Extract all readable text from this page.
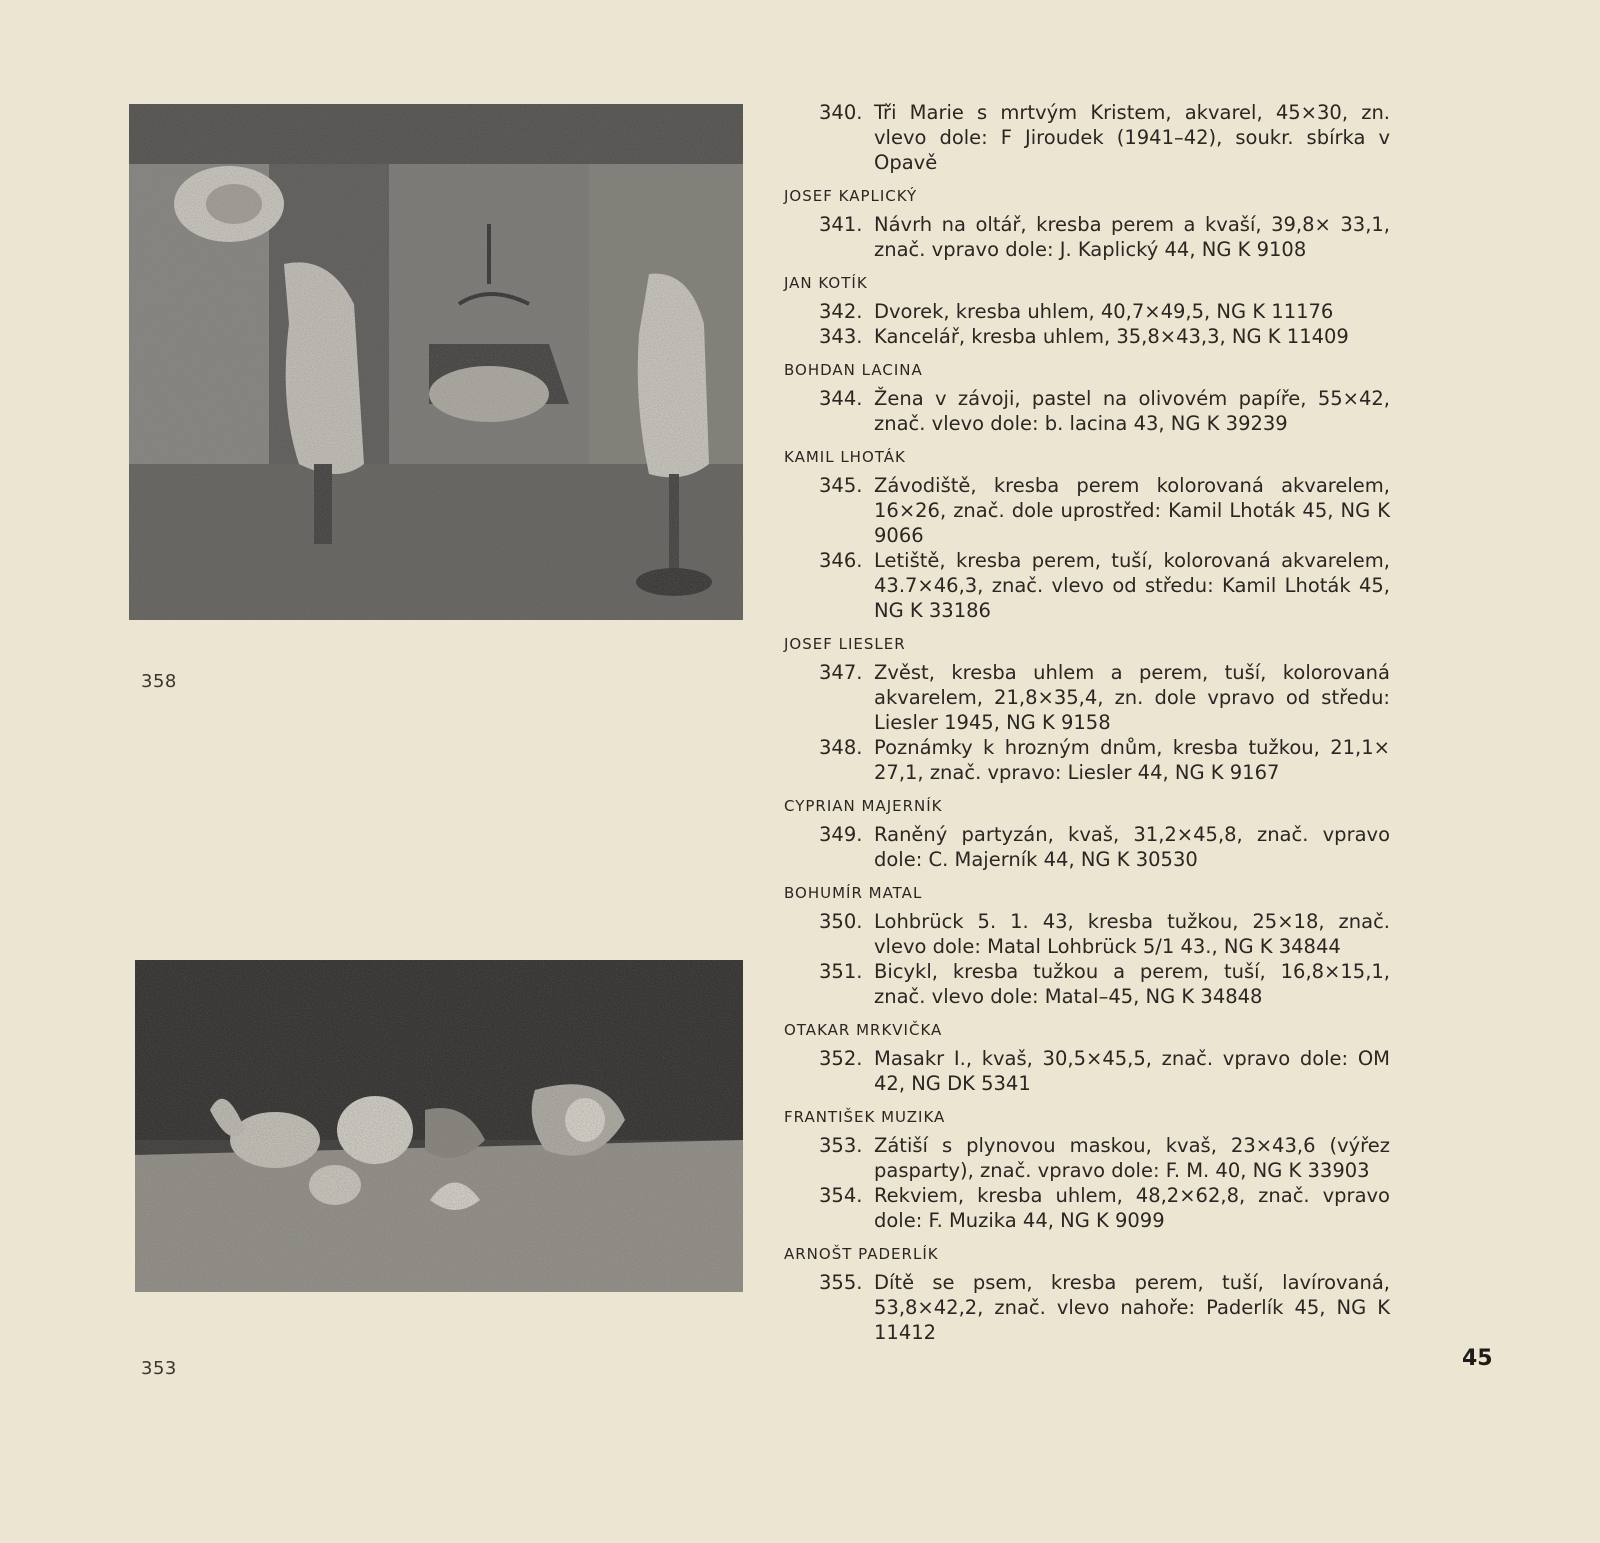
358
353
340. Tři Marie s mrtvým Kristem, akvarel, 45×30, zn. vlevo dole: F Jiroudek (1941–42), soukr. sbírka v Opavě
JOSEF KAPLICKÝ
341. Návrh na oltář, kresba perem a kvaší, 39,8× 33,1, znač. vpravo dole: J. Kaplický 44, NG K 9108
JAN KOTÍK
342. Dvorek, kresba uhlem, 40,7×49,5, NG K 11176
343. Kancelář, kresba uhlem, 35,8×43,3, NG K 11409
BOHDAN LACINA
344. Žena v závoji, pastel na olivovém papíře, 55×42, znač. vlevo dole: b. lacina 43, NG K 39239
KAMIL LHOTÁK
345. Závodiště, kresba perem kolorovaná akvarelem, 16×26, znač. dole uprostřed: Kamil Lhoták 45, NG K 9066
346. Letiště, kresba perem, tuší, kolorovaná akvarelem, 43.7×46,3, znač. vlevo od středu: Kamil Lhoták 45, NG K 33186
JOSEF LIESLER
347. Zvěst, kresba uhlem a perem, tuší, kolorovaná akvarelem, 21,8×35,4, zn. dole vpravo od středu: Liesler 1945, NG K 9158
348. Poznámky k hrozným dnům, kresba tužkou, 21,1× 27,1, znač. vpravo: Liesler 44, NG K 9167
CYPRIAN MAJERNÍK
349. Raněný partyzán, kvaš, 31,2×45,8, znač. vpravo dole: C. Majerník 44, NG K 30530
BOHUMÍR MATAL
350. Lohbrück 5. 1. 43, kresba tužkou, 25×18, znač. vlevo dole: Matal Lohbrück 5/1 43., NG K 34844
351. Bicykl, kresba tužkou a perem, tuší, 16,8×15,1, znač. vlevo dole: Matal–45, NG K 34848
OTAKAR MRKVIČKA
352. Masakr I., kvaš, 30,5×45,5, znač. vpravo dole: OM 42, NG DK 5341
FRANTIŠEK MUZIKA
353. Zátiší s plynovou maskou, kvaš, 23×43,6 (výřez pasparty), znač. vpravo dole: F. M. 40, NG K 33903
354. Rekviem, kresba uhlem, 48,2×62,8, znač. vpravo dole: F. Muzika 44, NG K 9099
ARNOŠT PADERLÍK
355. Dítě se psem, kresba perem, tuší, lavírovaná, 53,8×42,2, znač. vlevo nahoře: Paderlík 45, NG K 11412
45
